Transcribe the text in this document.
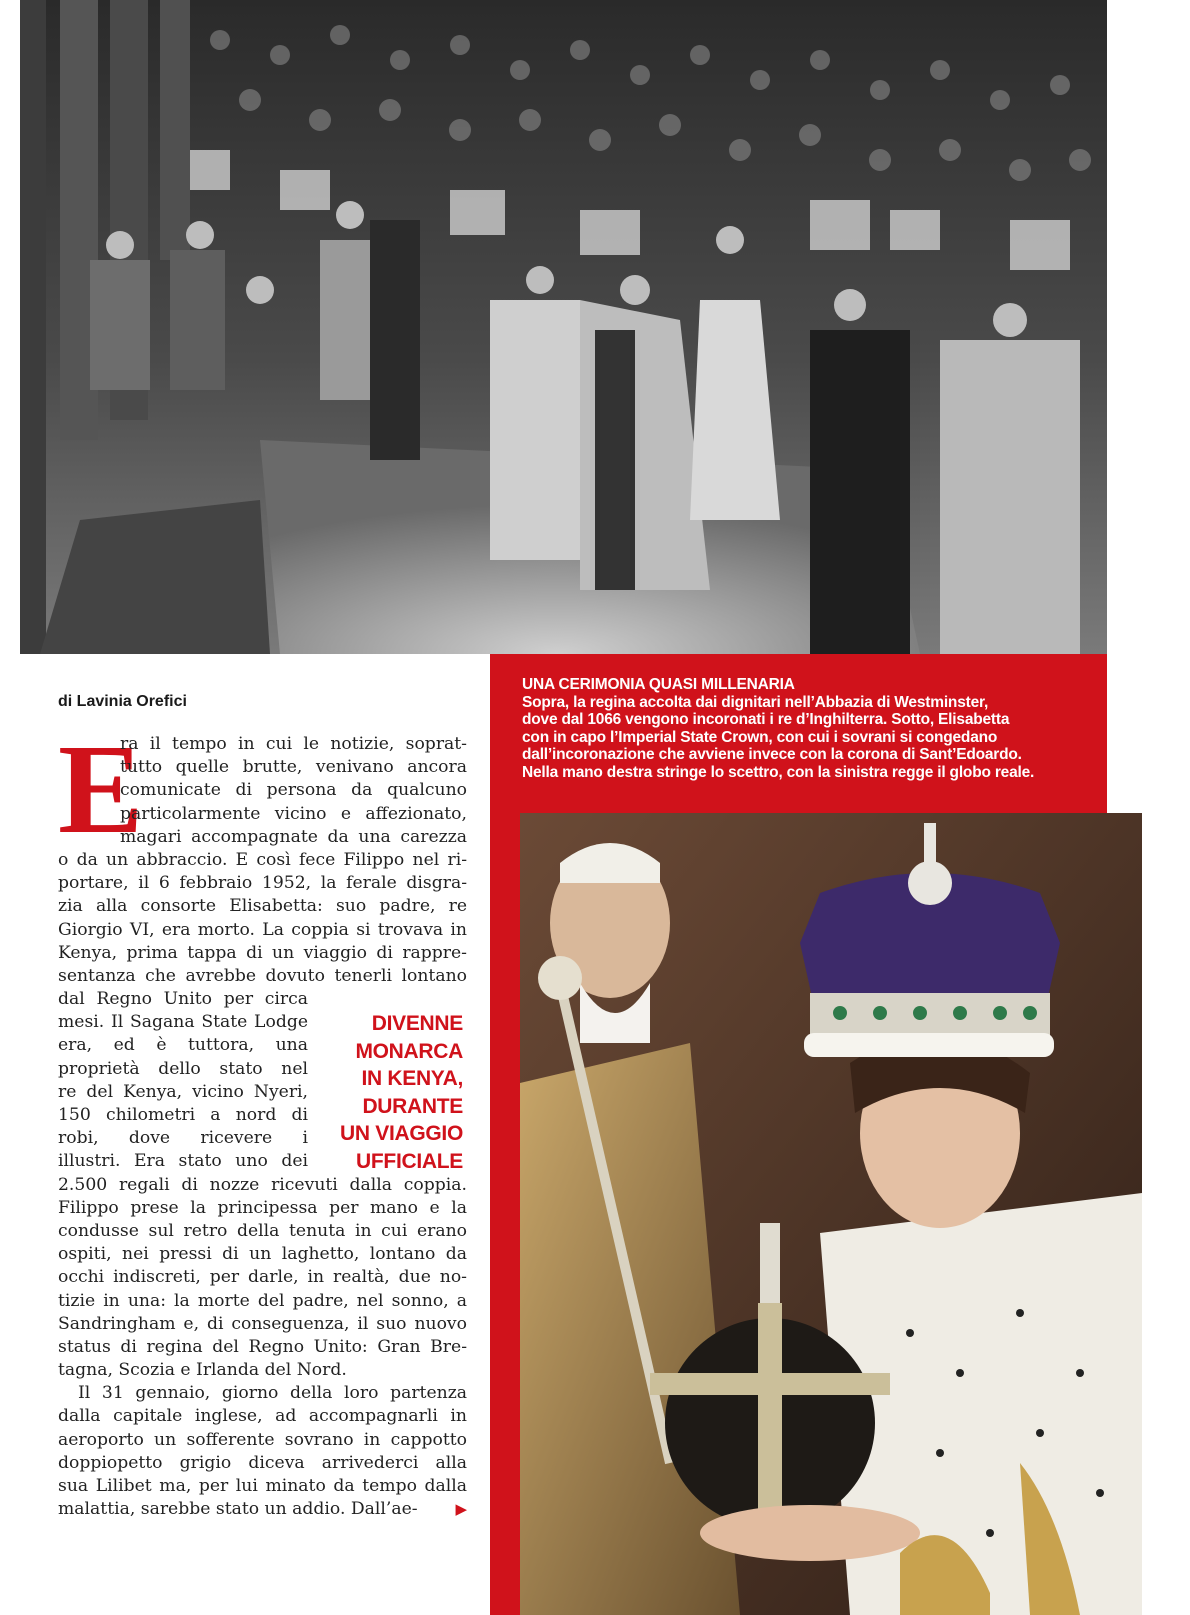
UNA CERIMONIA QUASI MILLENARIA
Sopra, la regina accolta dai dignitari nell’Abbazia di Westminster,
dove dal 1066 vengono incoronati i re d’Inghilterra. Sotto, Elisabetta
con in capo l’Imperial State Crown, con cui i sovrani si congedano
dall’incoronazione che avviene invece con la corona di Sant’Edoardo.
Nella mano destra stringe lo scettro, con la sinistra regge il globo reale.
di Lavinia Orefici
E
ra il tempo in cui le notizie, soprat-
tutto quelle brutte, venivano ancora
comunicate di persona da qualcuno
particolarmente vicino e affezionato,
magari accompagnate da una carezza
o da un abbraccio. E così fece Filippo nel ri-
portare, il 6 febbraio 1952, la ferale disgra-
zia alla consorte Elisabetta: suo padre, re
Giorgio VI, era morto. La coppia si trovava in
Kenya, prima tappa di un viaggio di rappre-
sentanza che avrebbe dovuto tenerli lontano
dal Regno Unito per circa
mesi. Il Sagana State Lodge
era, ed è tuttora, una
proprietà dello stato nel
re del Kenya, vicino Nyeri,
150 chilometri a nord di
robi, dove ricevere i
illustri. Era stato uno dei
2.500 regali di nozze ricevuti dalla coppia.
Filippo prese la principessa per mano e la
condusse sul retro della tenuta in cui erano
ospiti, nei pressi di un laghetto, lontano da
occhi indiscreti, per darle, in realtà, due no-
tizie in una: la morte del padre, nel sonno, a
Sandringham e, di conseguenza, il suo nuovo
status di regina del Regno Unito: Gran Bre-
tagna, Scozia e Irlanda del Nord.
Il 31 gennaio, giorno della loro partenza
dalla capitale inglese, ad accompagnarli in
aeroporto un sofferente sovrano in cappotto
doppiopetto grigio diceva arrivederci alla
sua Lilibet ma, per lui minato da tempo dalla
malattia, sarebbe stato un addio. Dall’ae-	▶
DIVENNE
MONARCA
IN KENYA,
DURANTE
UN VIAGGIO
UFFICIALE
